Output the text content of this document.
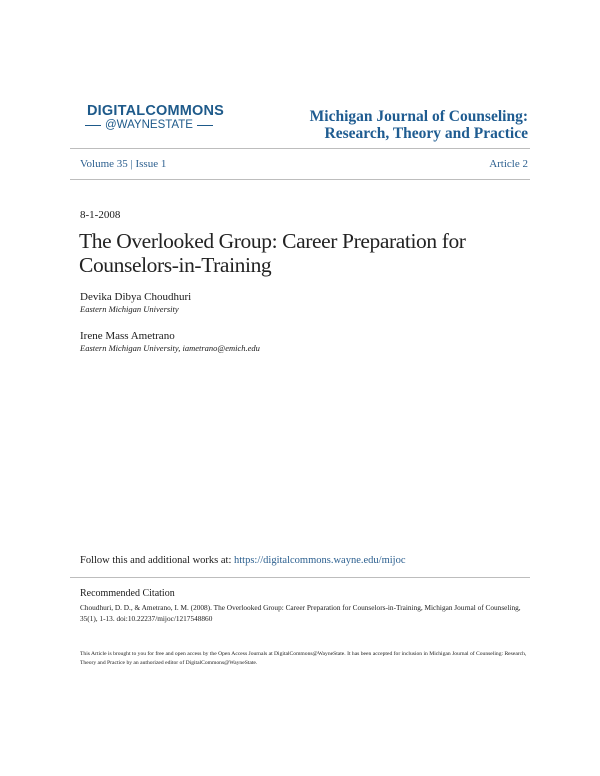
DIGITALCOMMONS
@WAYNESTATE	Michigan Journal of Counseling:
Research, Theory and Practice
Volume 35 | Issue 1	Article 2
8-1-2008
The Overlooked Group: Career Preparation for Counselors-in-Training
Devika Dibya Choudhuri
Eastern Michigan University
Irene Mass Ametrano
Eastern Michigan University, iametrano@emich.edu
Follow this and additional works at: https://digitalcommons.wayne.edu/mijoc
Recommended Citation
Choudhuri, D. D., & Ametrano, I. M. (2008). The Overlooked Group: Career Preparation for Counselors-in-Training, Michigan Journal of Counseling, 35(1), 1-13. doi:10.22237/mijoc/1217548860
This Article is brought to you for free and open access by the Open Access Journals at DigitalCommons@WayneState. It has been accepted for inclusion in Michigan Journal of Counseling: Research, Theory and Practice by an authorized editor of DigitalCommons@WayneState.
